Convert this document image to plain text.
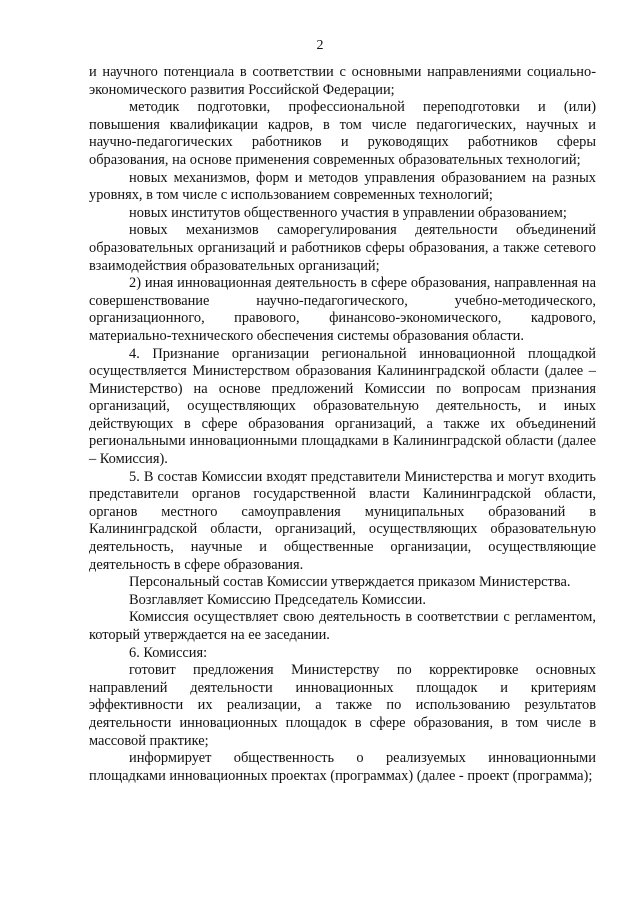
2

и научного потенциала в соответствии с основными направлениями социально-экономического развития Российской Федерации;

методик подготовки, профессиональной переподготовки и (или) повышения квалификации кадров, в том числе педагогических, научных и научно-педагогических работников и руководящих работников сферы образования, на основе применения современных образовательных технологий;

новых механизмов, форм и методов управления образованием на разных уровнях, в том числе с использованием современных технологий;

новых институтов общественного участия в управлении образованием;

новых механизмов саморегулирования деятельности объединений образовательных организаций и работников сферы образования, а также сетевого взаимодействия образовательных организаций;

2) иная инновационная деятельность в сфере образования, направленная на совершенствование научно-педагогического, учебно-методического, организационного, правового, финансово-экономического, кадрового, материально-технического обеспечения системы образования области.

4. Признание организации региональной инновационной площадкой осуществляется Министерством образования Калининградской области (далее – Министерство) на основе предложений Комиссии по вопросам признания организаций, осуществляющих образовательную деятельность, и иных действующих в сфере образования организаций, а также их объединений региональными инновационными площадками в Калининградской области (далее – Комиссия).

5. В состав Комиссии входят представители Министерства и могут входить представители органов государственной власти Калининградской области, органов местного самоуправления муниципальных образований в Калининградской области, организаций, осуществляющих образовательную деятельность, научные и общественные организации, осуществляющие деятельность в сфере образования.

Персональный состав Комиссии утверждается приказом Министерства.

Возглавляет Комиссию Председатель Комиссии.

Комиссия осуществляет свою деятельность в соответствии с регламентом, который утверждается на ее заседании.

6. Комиссия:

готовит предложения Министерству по корректировке основных направлений деятельности инновационных площадок и критериям эффективности их реализации, а также по использованию результатов деятельности инновационных площадок в сфере образования, в том числе в массовой практике;

информирует общественность о реализуемых инновационными площадками инновационных проектах (программах) (далее - проект (программа);
